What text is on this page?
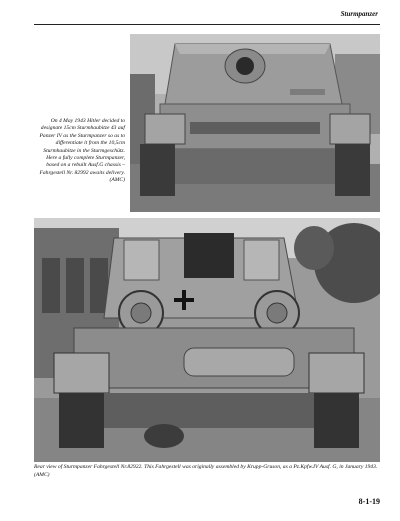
Sturmpanzer
On 4 May 1943 Hitler decided to designate 15cm Sturmhaubitze 43 auf Panzer IV as the Sturmpanzer so as to differentiate it from the 10,5cm Sturmhaubitze in the Sturmgeschütz. Here a fully complete Sturmpanzer, based on a rebuilt Ausf.G chassis – Fahrgestell Nr. 82992 awaits delivery. (AMC)
Rear view of Sturmpanzer Fahrgestell Nr.82922. This Fahrgestell was originally assembled by Krupp-Gruson, as a Pz.Kpfw.IV Ausf. G, in January 1943. (AMC)
8-1-19
